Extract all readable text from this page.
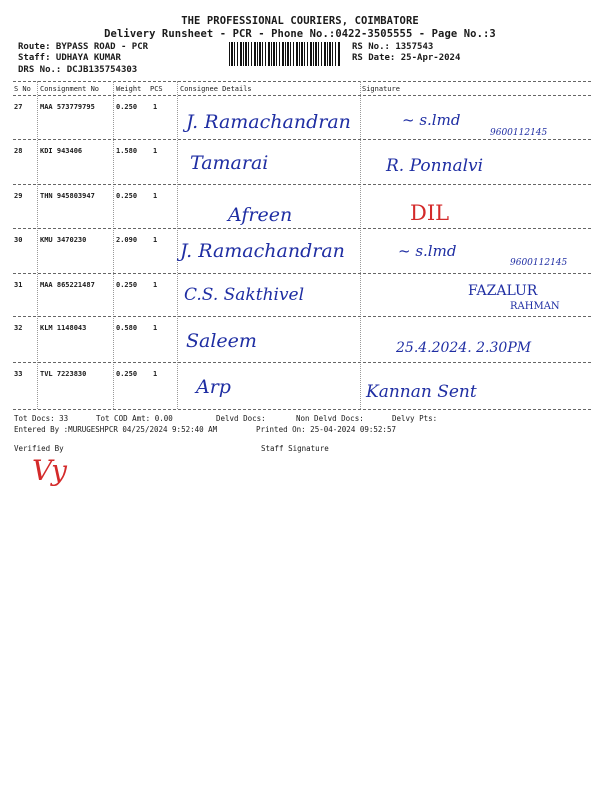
THE PROFESSIONAL COURIERS, COIMBATORE
Delivery Runsheet - PCR - Phone No.:0422-3505555 - Page No.:3
Route: BYPASS ROAD - PCR
Staff: UDHAYA KUMAR
DRS No.: DCJB135754303
RS No.: 1357543
RS Date: 25-Apr-2024
S No Consignment No Weight PCS Consignee Details	Signature
27	MAA 573779795	0.250 1
J. Ramachandran	~ s.lmd
9600112145
28	KDI 943406	1.580 1
Tamarai	R. Ponnalvi
29	THN 945803947	0.250 1
Afreen	DIL
30	KMU 3470230	2.090 1 J. Ramachandran	~ s.lmd
9600112145
31	MAA 865221487	0.250 1 C.S. Sakthivel	FAZALUR
RAHMAN
32	KLM 1148043	0.580 1
Saleem	25.4.2024. 2.30PM
33	TVL 7223830	0.250 1
Arp	Kannan Sent
Tot Docs: 33	Tot COD Amt: 0.00	Delvd Docs:	Non Delvd Docs:	Delvy Pts:
Entered By :MURUGESHPCR 04/25/2024 9:52:40 AM	Printed On: 25-04-2024 09:52:57
Verified By	Staff Signature
Vy
